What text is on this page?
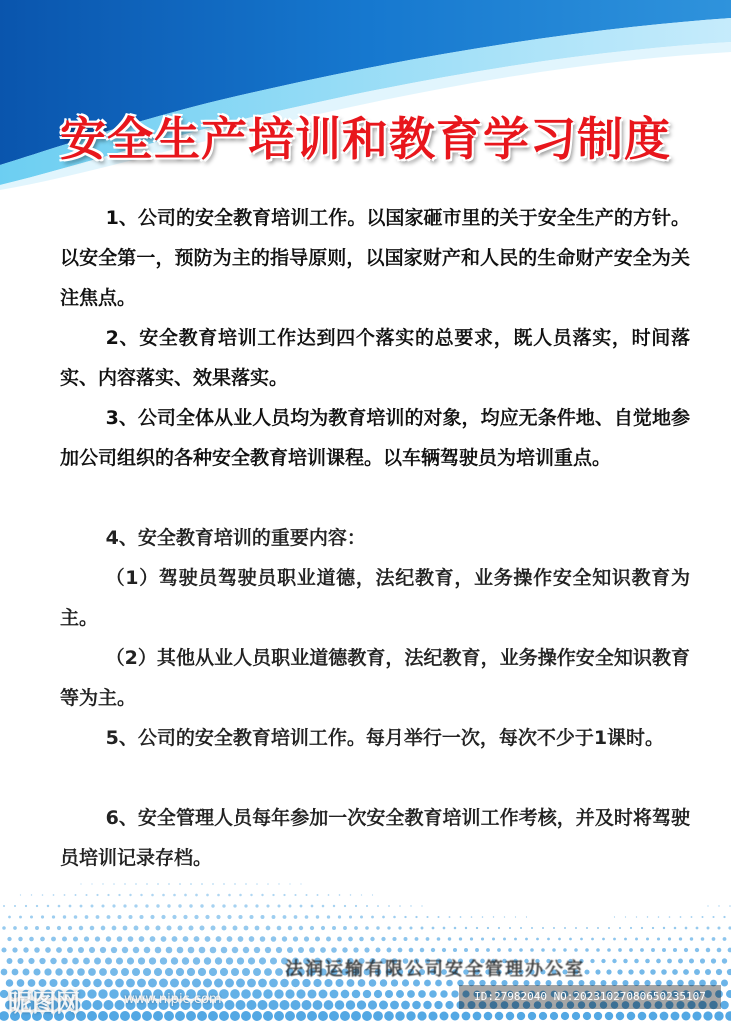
安全生产培训和教育学习制度

1、公司的安全教育培训工作。以国家砸市里的关于安全生产的方针。以安全第一，预防为主的指导原则，以国家财产和人民的生命财产安全为关注焦点。

2、安全教育培训工作达到四个落实的总要求，既人员落实，时间落实、内容落实、效果落实。

3、公司全体从业人员均为教育培训的对象，均应无条件地、自觉地参加公司组织的各种安全教育培训课程。以车辆驾驶员为培训重点。

4、安全教育培训的重要内容：

（1）驾驶员驾驶员职业道德，法纪教育，业务操作安全知识教育为主。

（2）其他从业人员职业道德教育，法纪教育，业务操作安全知识教育等为主。

5、公司的安全教育培训工作。每月举行一次，每次不少于1课时。

6、安全管理人员每年参加一次安全教育培训工作考核，并及时将驾驶员培训记录存档。

法润运输有限公司安全管理办公室
昵图网	www.nipic.com	ID:27982040 NO:20231027080650235107
